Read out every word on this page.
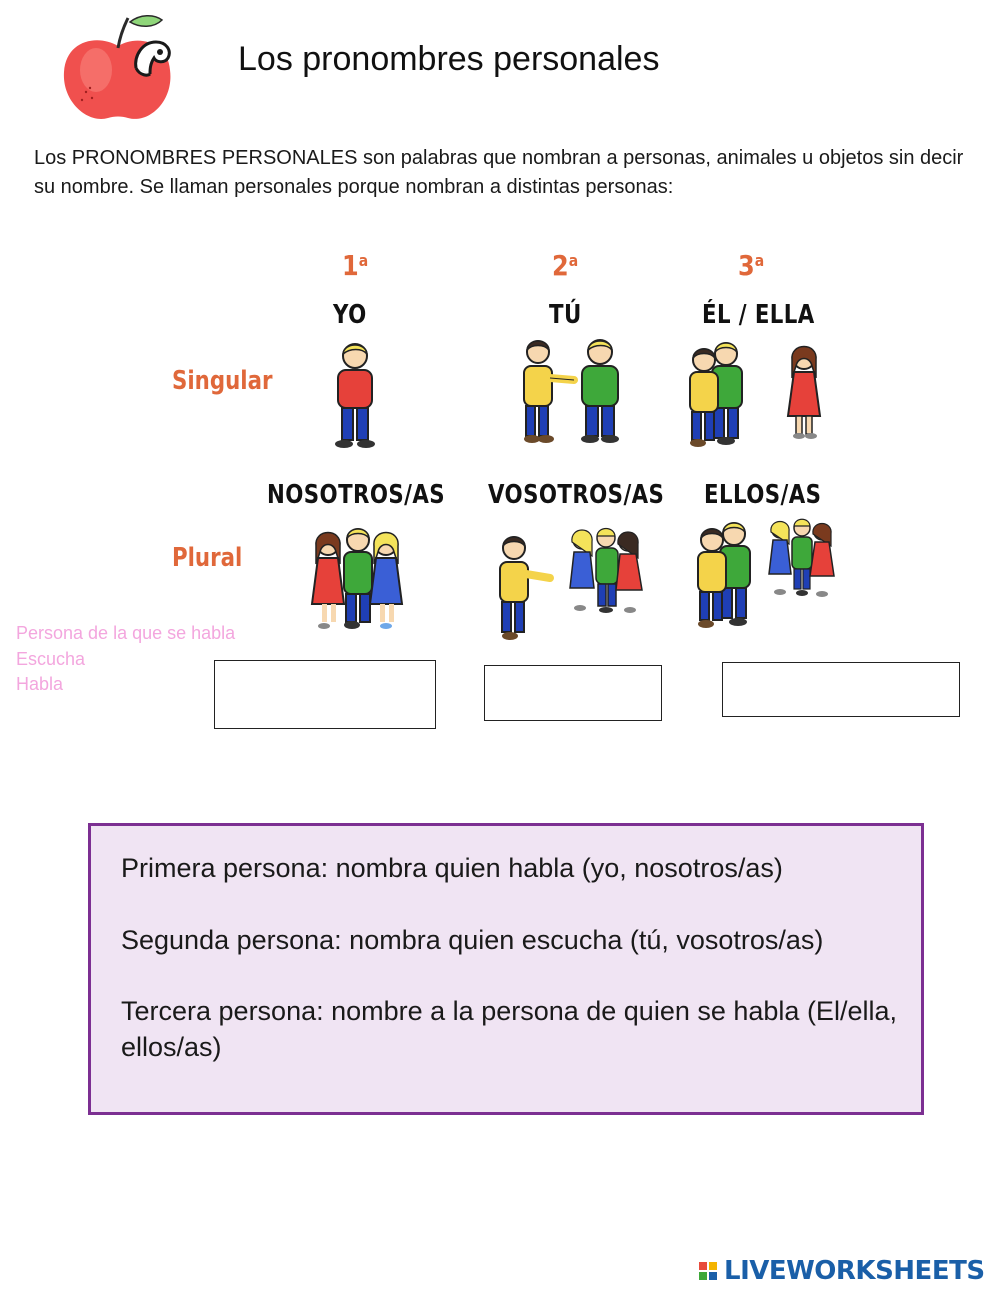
Los pronombres personales
Los PRONOMBRES PERSONALES son palabras que nombran a personas, animales u objetos sin decir su nombre. Se llaman personales porque nombran a distintas personas:
1$^a$	2$^a$	3$^a$
YO	TÚ	ÉL / ELLA
Singular
NOSOTROS/AS VOSOTROS/AS ELLOS/AS
Plural
Persona de la que se habla
Escucha
Habla
Primera persona: nombra quien habla (yo, nosotros/as)
Segunda persona: nombra quien escucha (tú, vosotros/as)
Tercera persona: nombre a la persona de quien se habla (El/ella, ellos/as)
LIVEWORKSHEETS
